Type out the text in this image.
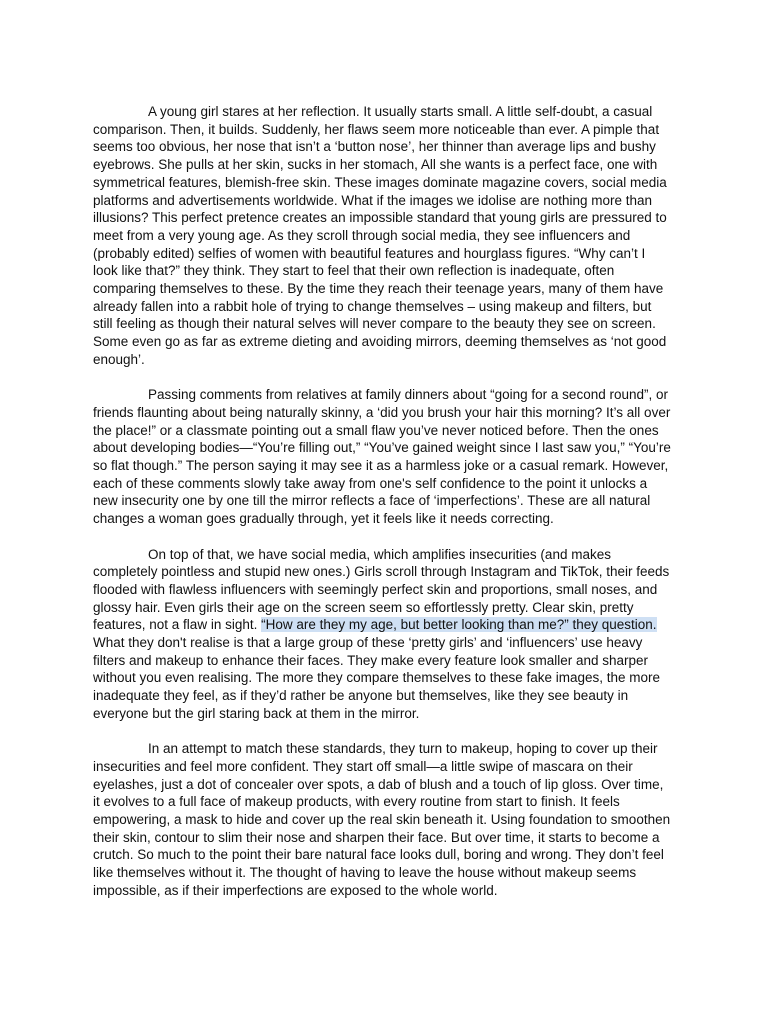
A young girl stares at her reflection. It usually starts small. A little self-doubt, a casual comparison. Then, it builds. Suddenly, her flaws seem more noticeable than ever. A pimple that seems too obvious, her nose that isn’t a ‘button nose’, her thinner than average lips and bushy eyebrows. She pulls at her skin, sucks in her stomach, All she wants is a perfect face, one with symmetrical features, blemish-free skin. These images dominate magazine covers, social media platforms and advertisements worldwide. What if the images we idolise are nothing more than illusions? This perfect pretence creates an impossible standard that young girls are pressured to meet from a very young age. As they scroll through social media, they see influencers and (probably edited) selfies of women with beautiful features and hourglass figures. “Why can’t I look like that?” they think. They start to feel that their own reflection is inadequate, often comparing themselves to these. By the time they reach their teenage years, many of them have already fallen into a rabbit hole of trying to change themselves – using makeup and filters, but still feeling as though their natural selves will never compare to the beauty they see on screen. Some even go as far as extreme dieting and avoiding mirrors, deeming themselves as ‘not good enough’.

Passing comments from relatives at family dinners about “going for a second round”, or friends flaunting about being naturally skinny, a ‘did you brush your hair this morning? It’s all over the place!” or a classmate pointing out a small flaw you’ve never noticed before. Then the ones about developing bodies—“You’re filling out,” “You’ve gained weight since I last saw you,” “You’re so flat though.” The person saying it may see it as a harmless joke or a casual remark. However, each of these comments slowly take away from one's self confidence to the point it unlocks a new insecurity one by one till the mirror reflects a face of ‘imperfections’. These are all natural changes a woman goes gradually through, yet it feels like it needs correcting.

On top of that, we have social media, which amplifies insecurities (and makes completely pointless and stupid new ones.) Girls scroll through Instagram and TikTok, their feeds flooded with flawless influencers with seemingly perfect skin and proportions, small noses, and glossy hair. Even girls their age on the screen seem so effortlessly pretty. Clear skin, pretty features, not a flaw in sight. “How are they my age, but better looking than me?” they question. What they don't realise is that a large group of these ‘pretty girls’ and ‘influencers’ use heavy filters and makeup to enhance their faces. They make every feature look smaller and sharper without you even realising. The more they compare themselves to these fake images, the more inadequate they feel, as if they’d rather be anyone but themselves, like they see beauty in everyone but the girl staring back at them in the mirror.

In an attempt to match these standards, they turn to makeup, hoping to cover up their insecurities and feel more confident. They start off small—a little swipe of mascara on their eyelashes, just a dot of concealer over spots, a dab of blush and a touch of lip gloss. Over time, it evolves to a full face of makeup products, with every routine from start to finish. It feels empowering, a mask to hide and cover up the real skin beneath it. Using foundation to smoothen their skin, contour to slim their nose and sharpen their face. But over time, it starts to become a crutch. So much to the point their bare natural face looks dull, boring and wrong. They don’t feel like themselves without it. The thought of having to leave the house without makeup seems impossible, as if their imperfections are exposed to the whole world.
